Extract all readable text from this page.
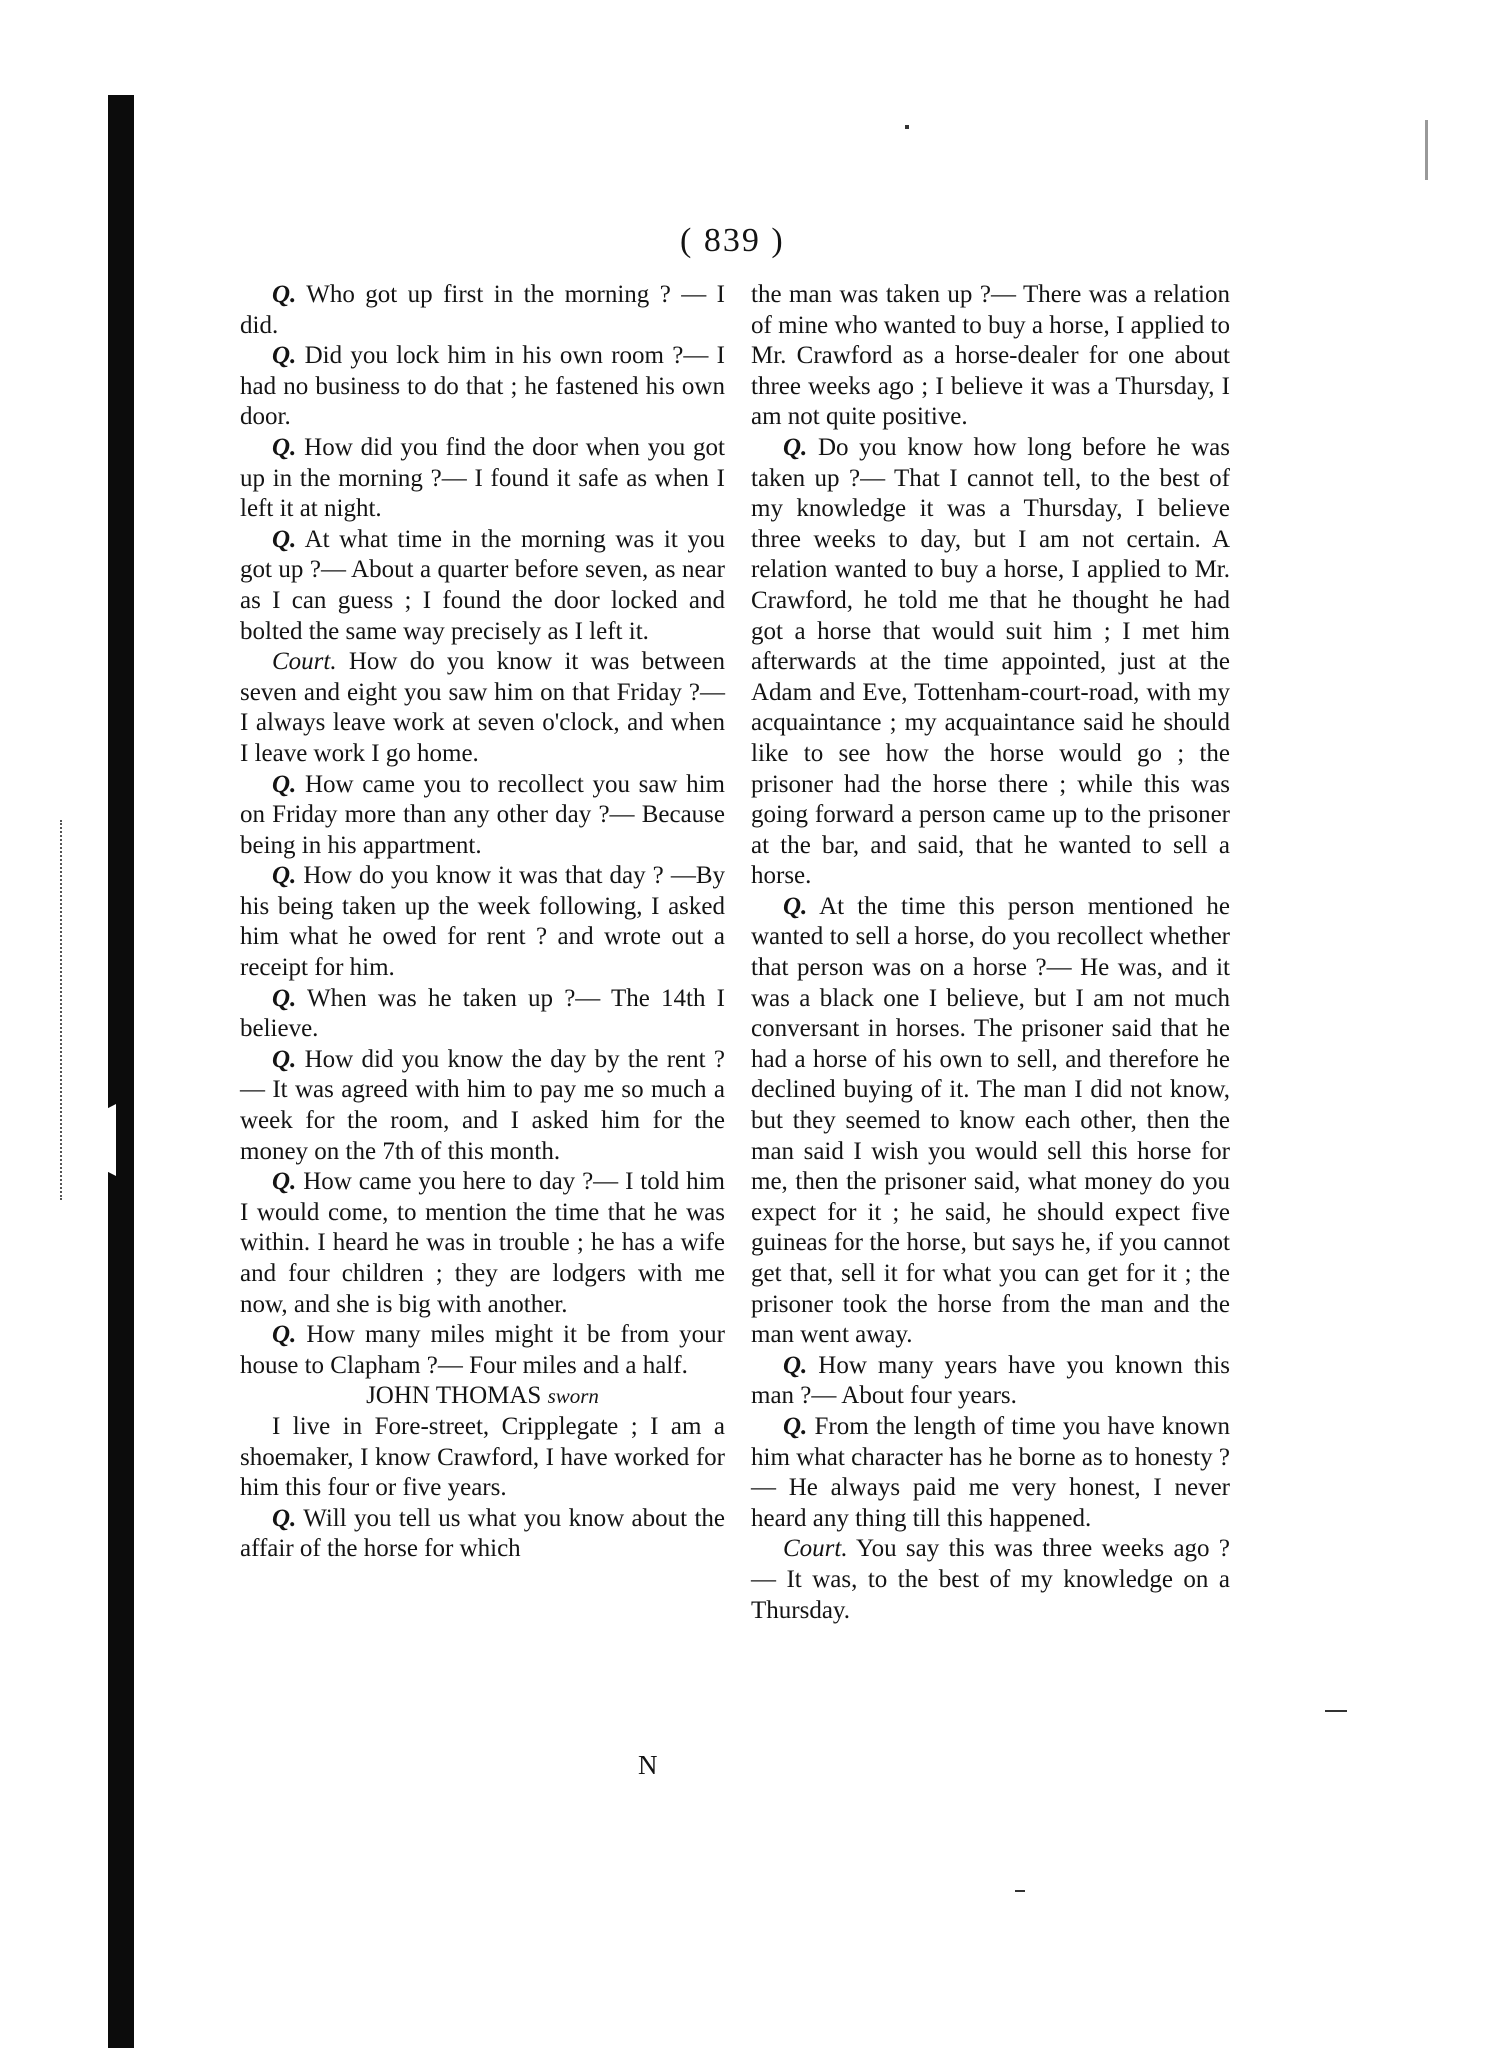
( 839 )

Q. Who got up first in the morning ? — I did.

Q. Did you lock him in his own room ?— I had no business to do that ; he fastened his own door.

Q. How did you find the door when you got up in the morning ?— I found it safe as when I left it at night.

Q. At what time in the morning was it you got up ?— About a quarter before seven, as near as I can guess ; I found the door locked and bolted the same way precisely as I left it.

Court. How do you know it was between seven and eight you saw him on that Friday ?— I always leave work at seven o'clock, and when I leave work I go home.

Q. How came you to recollect you saw him on Friday more than any other day ?— Because being in his appartment.

Q. How do you know it was that day ? —By his being taken up the week following, I asked him what he owed for rent ? and wrote out a receipt for him.

Q. When was he taken up ?— The 14th I believe.

Q. How did you know the day by the rent ?— It was agreed with him to pay me so much a week for the room, and I asked him for the money on the 7th of this month.

Q. How came you here to day ?— I told him I would come, to mention the time that he was within. I heard he was in trouble ; he has a wife and four children ; they are lodgers with me now, and she is big with another.

Q. How many miles might it be from your house to Clapham ?— Four miles and a half.

JOHN THOMAS sworn

I live in Fore-street, Cripplegate ; I am a shoemaker, I know Crawford, I have worked for him this four or five years.

Q. Will you tell us what you know about the affair of the horse for which

the man was taken up ?— There was a relation of mine who wanted to buy a horse, I applied to Mr. Crawford as a horse-dealer for one about three weeks ago ; I believe it was a Thursday, I am not quite positive.

Q. Do you know how long before he was taken up ?— That I cannot tell, to the best of my knowledge it was a Thursday, I believe three weeks to day, but I am not certain. A relation wanted to buy a horse, I applied to Mr. Crawford, he told me that he thought he had got a horse that would suit him ; I met him afterwards at the time appointed, just at the Adam and Eve, Tottenham-court-road, with my acquaintance ; my acquaintance said he should like to see how the horse would go ; the prisoner had the horse there ; while this was going forward a person came up to the prisoner at the bar, and said, that he wanted to sell a horse.

Q. At the time this person mentioned he wanted to sell a horse, do you recollect whether that person was on a horse ?— He was, and it was a black one I believe, but I am not much conversant in horses. The prisoner said that he had a horse of his own to sell, and therefore he declined buying of it. The man I did not know, but they seemed to know each other, then the man said I wish you would sell this horse for me, then the prisoner said, what money do you expect for it ; he said, he should expect five guineas for the horse, but says he, if you cannot get that, sell it for what you can get for it ; the prisoner took the horse from the man and the man went away.

Q. How many years have you known this man ?— About four years.

Q. From the length of time you have known him what character has he borne as to honesty ?— He always paid me very honest, I never heard any thing till this happened.

Court. You say this was three weeks ago ?— It was, to the best of my knowledge on a Thursday.

N
